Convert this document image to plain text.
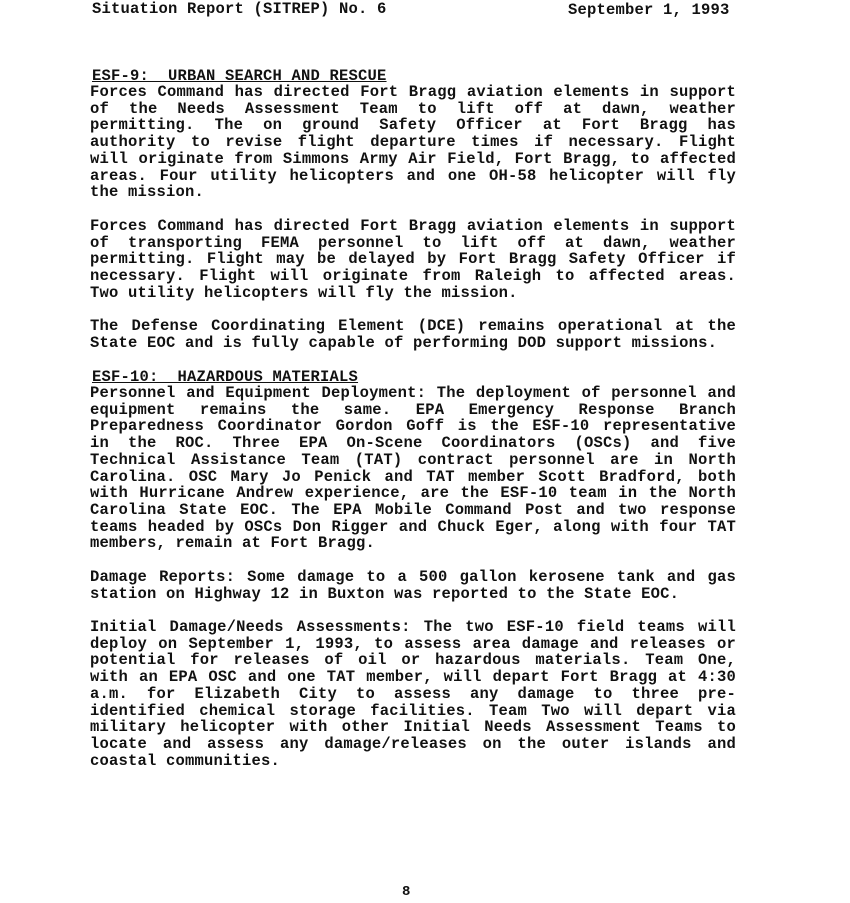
Situation Report (SITREP) No. 6	September 1, 1993
ESF-9:  URBAN SEARCH AND RESCUE

Forces Command has directed Fort Bragg aviation elements in support of the Needs Assessment Team to lift off at dawn, weather permitting. The on ground Safety Officer at Fort Bragg has authority to revise flight departure times if necessary. Flight will originate from Simmons Army Air Field, Fort Bragg, to affected areas. Four utility helicopters and one OH-58 helicopter will fly the mission.

Forces Command has directed Fort Bragg aviation elements in support of transporting FEMA personnel to lift off at dawn, weather permitting. Flight may be delayed by Fort Bragg Safety Officer if necessary. Flight will originate from Raleigh to affected areas. Two utility helicopters will fly the mission.

The Defense Coordinating Element (DCE) remains operational at the State EOC and is fully capable of performing DOD support missions.

ESF-10:  HAZARDOUS MATERIALS

Personnel and Equipment Deployment: The deployment of personnel and equipment remains the same. EPA Emergency Response Branch Preparedness Coordinator Gordon Goff is the ESF-10 representative in the ROC. Three EPA On-Scene Coordinators (OSCs) and five Technical Assistance Team (TAT) contract personnel are in North Carolina. OSC Mary Jo Penick and TAT member Scott Bradford, both with Hurricane Andrew experience, are the ESF-10 team in the North Carolina State EOC. The EPA Mobile Command Post and two response teams headed by OSCs Don Rigger and Chuck Eger, along with four TAT members, remain at Fort Bragg.

Damage Reports: Some damage to a 500 gallon kerosene tank and gas station on Highway 12 in Buxton was reported to the State EOC.

Initial Damage/Needs Assessments: The two ESF-10 field teams will deploy on September 1, 1993, to assess area damage and releases or potential for releases of oil or hazardous materials. Team One, with an EPA OSC and one TAT member, will depart Fort Bragg at 4:30 a.m. for Elizabeth City to assess any damage to three pre-identified chemical storage facilities. Team Two will depart via military helicopter with other Initial Needs Assessment Teams to locate and assess any damage/releases on the outer islands and coastal communities.

8
